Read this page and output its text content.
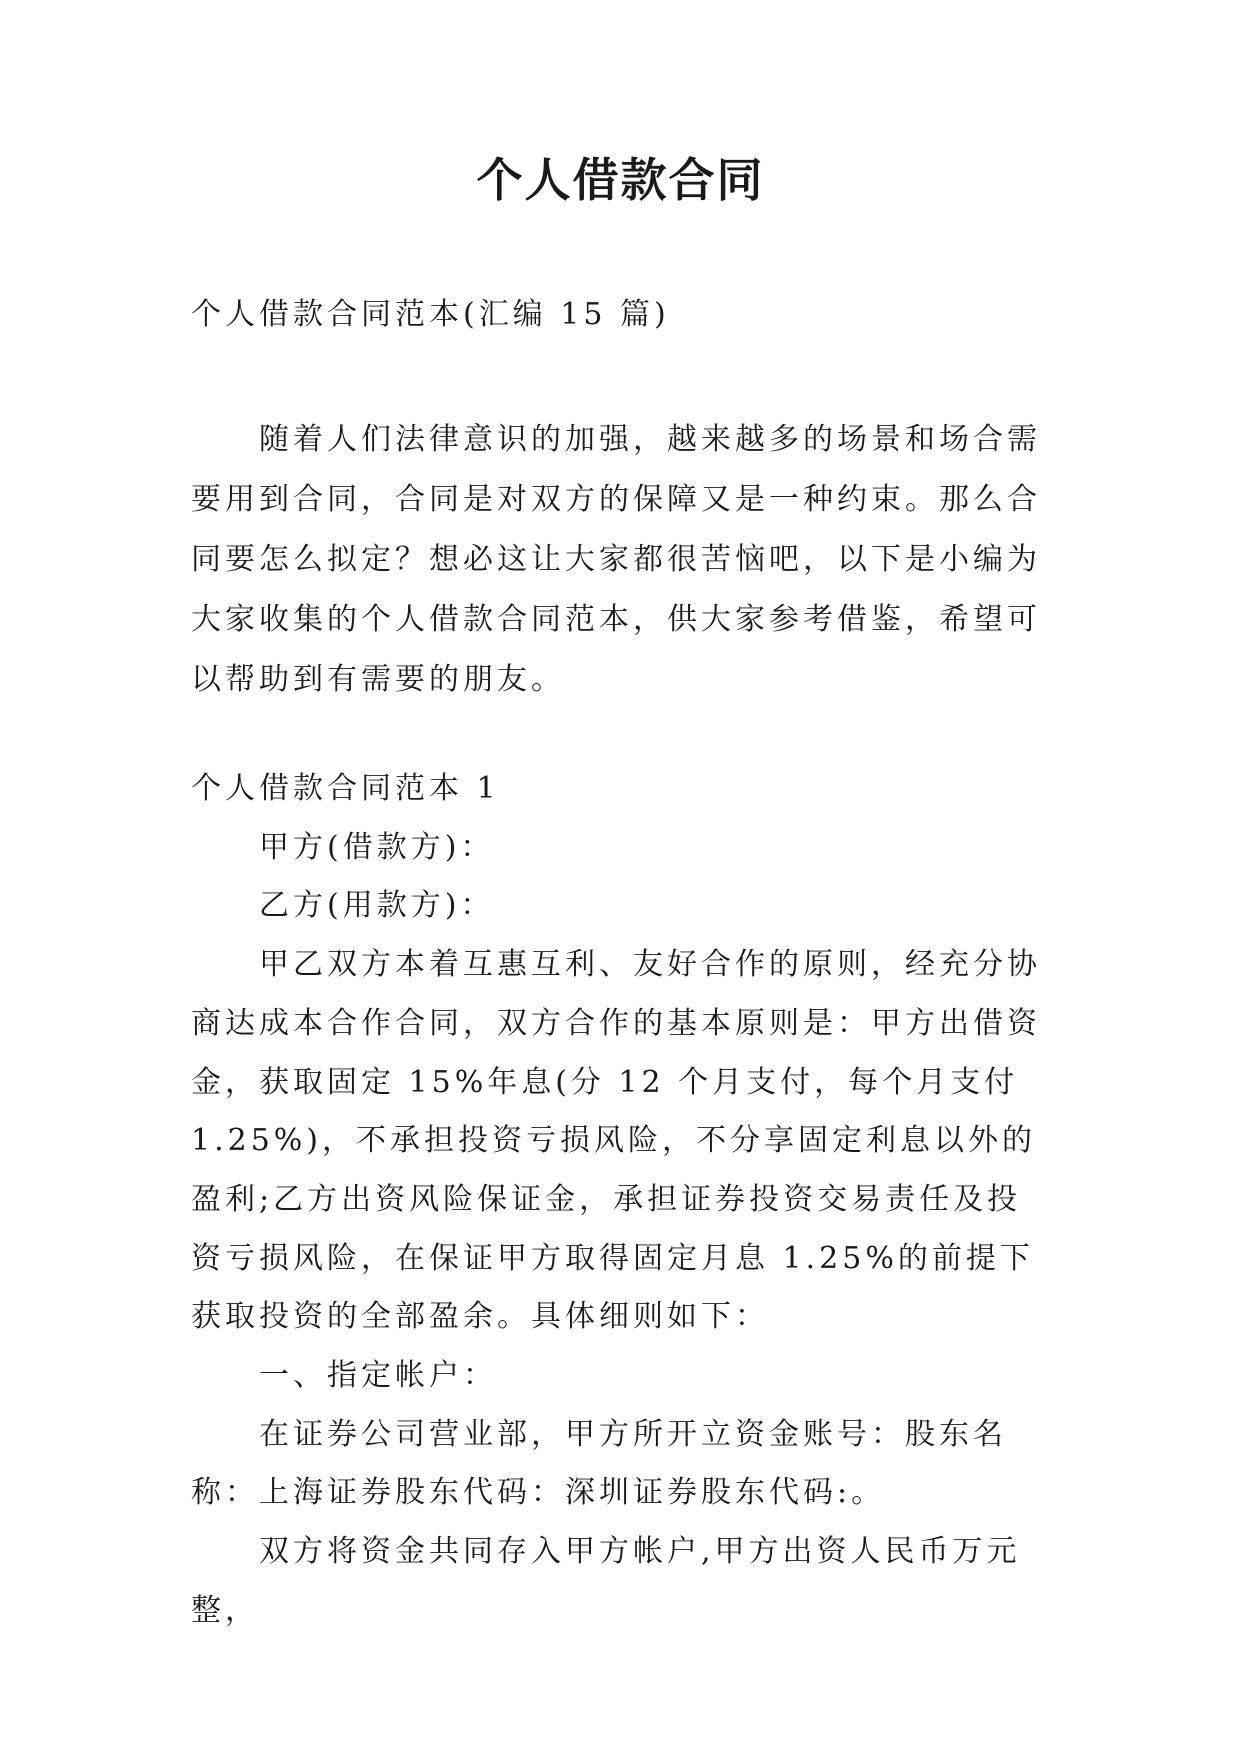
个人借款合同
个人借款合同范本(汇编 15 篇)
随着人们法律意识的加强，越来越多的场景和场合需要用到合同，合同是对双方的保障又是一种约束。那么合同要怎么拟定？想必这让大家都很苦恼吧，以下是小编为大家收集的个人借款合同范本，供大家参考借鉴，希望可以帮助到有需要的朋友。

个人借款合同范本 1

甲方(借款方)：

乙方(用款方)：

甲乙双方本着互惠互利、友好合作的原则，经充分协商达成本合作合同，双方合作的基本原则是：甲方出借资金，获取固定 15%年息(分 12 个月支付，每个月支付 1.25%)，不承担投资亏损风险，不分享固定利息以外的盈利;乙方出资风险保证金，承担证券投资交易责任及投资亏损风险，在保证甲方取得固定月息 1.25%的前提下获取投资的全部盈余。具体细则如下：

一、指定帐户：

在证券公司营业部，甲方所开立资金账号：股东名称：上海证券股东代码：深圳证券股东代码:。

双方将资金共同存入甲方帐户,甲方出资人民币万元整，
